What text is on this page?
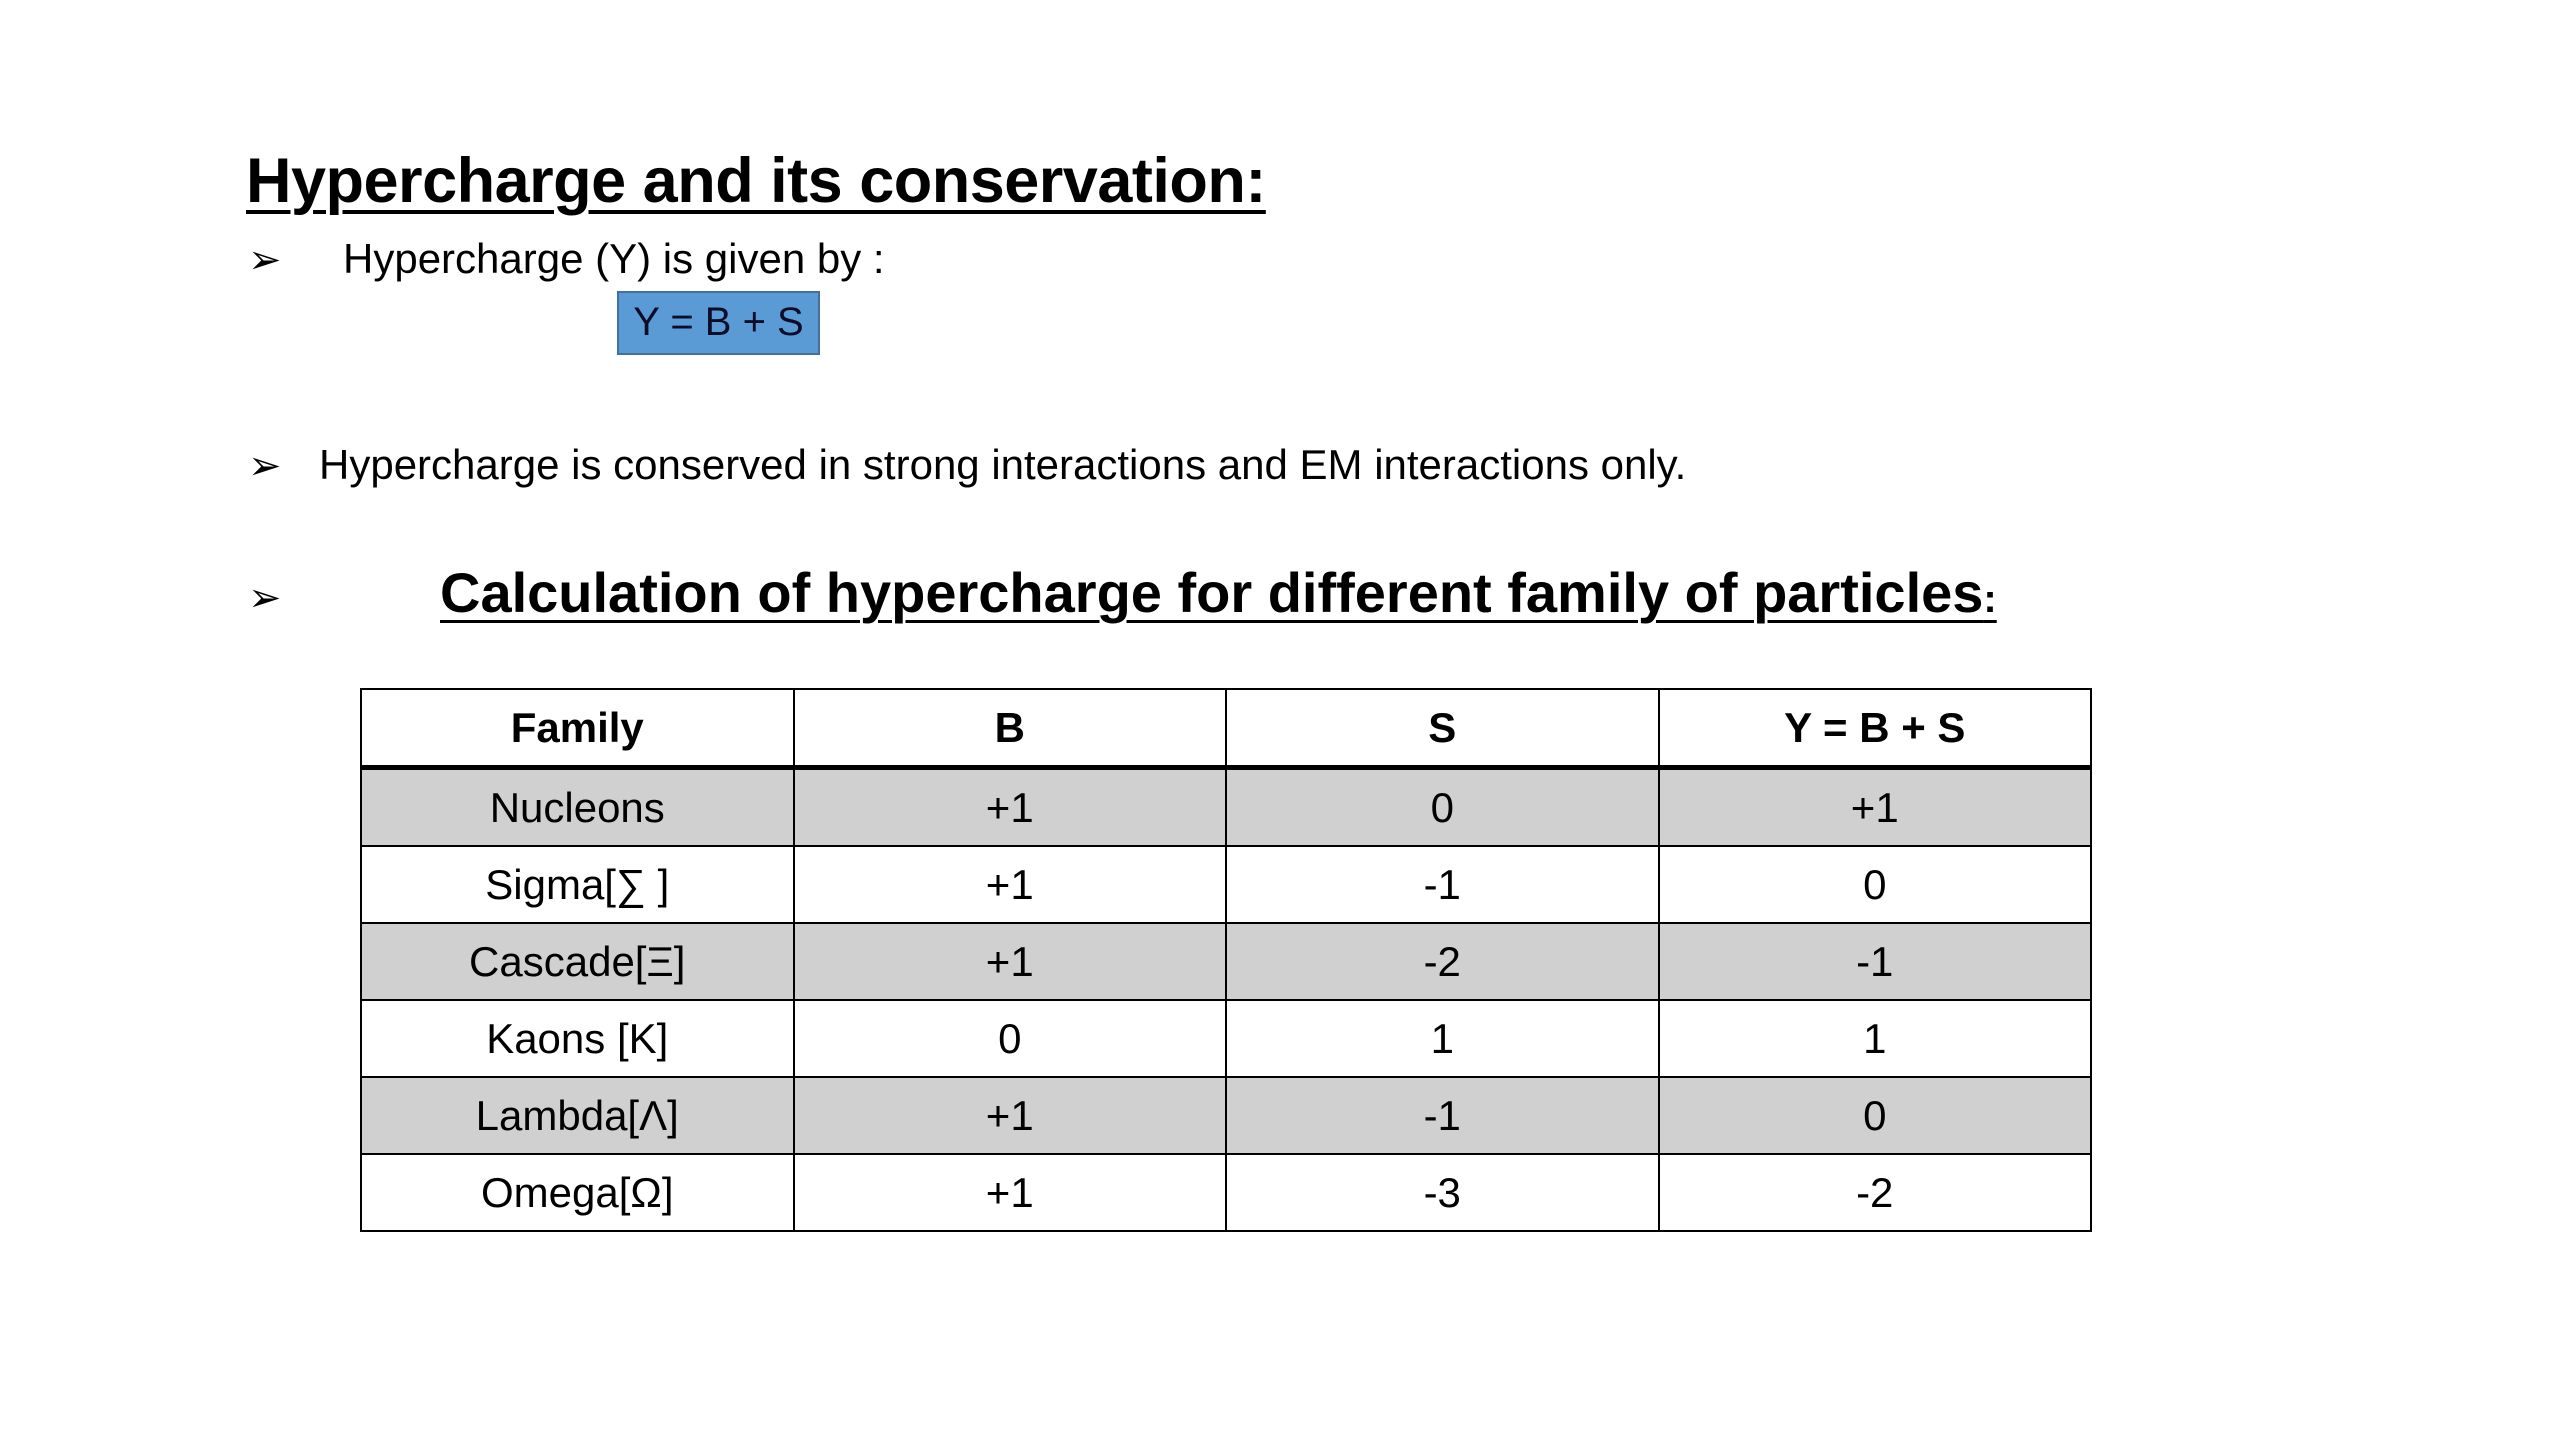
Hypercharge and its conservation:
➢ Hypercharge (Y) is given by :
Y = B + S
➢ Hypercharge is conserved in strong interactions and EM interactions only.
➢	Calculation of hypercharge for different family of particles:
Family	B	S	Y = B + S
Nucleons	+1	0	+1
Sigma[∑ ]	+1	-1	0
Cascade[Ξ]	+1	-2	-1
Kaons [K]	0	1	1
Lambda[Λ]	+1	-1	0
Omega[Ω]	+1	-3	-2
